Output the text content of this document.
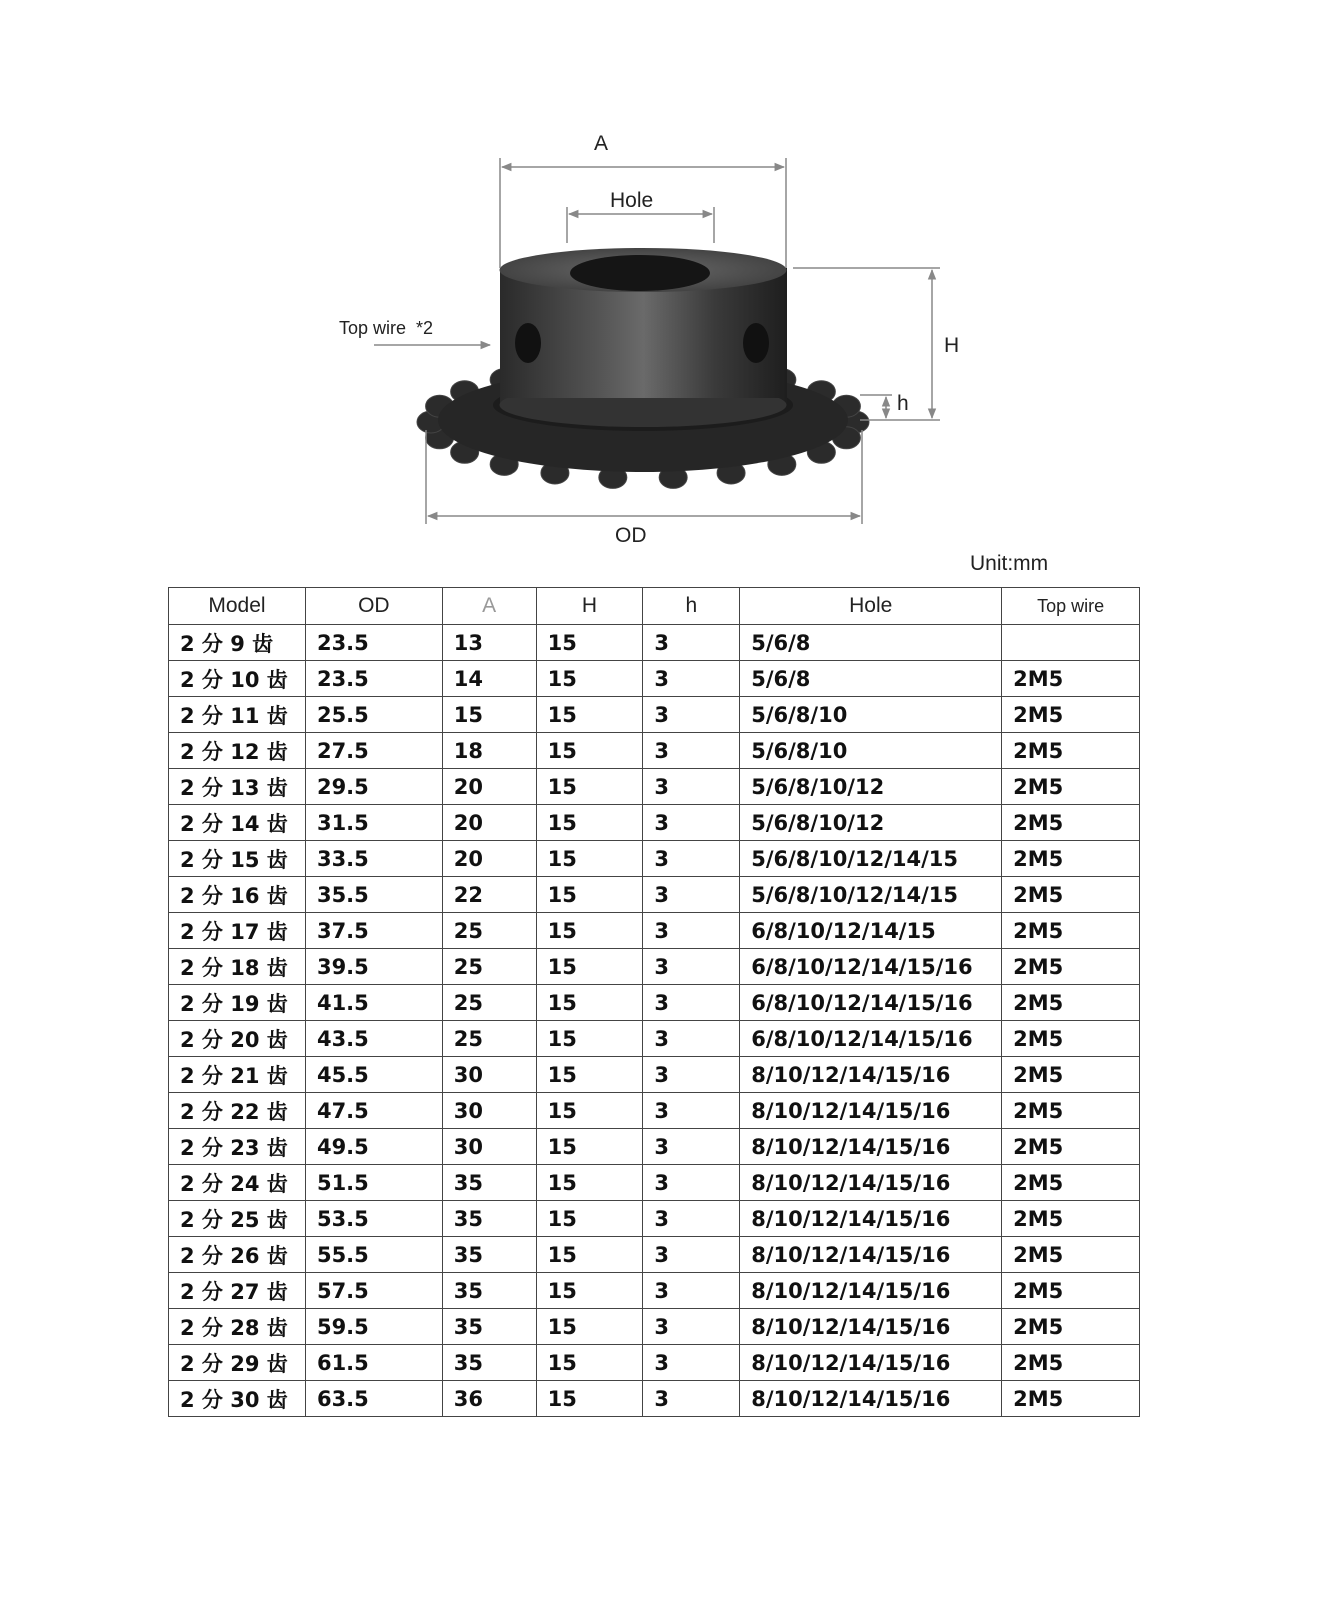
A
Hole
H
h
OD
Top wire  *2
Unit:mm
Model	OD	A	H	h	Hole	Top wire
2 分 9 齿	23.5	13	15	3	5/6/8	
2 分 10 齿	23.5	14	15	3	5/6/8	2M5
2 分 11 齿	25.5	15	15	3	5/6/8/10	2M5
2 分 12 齿	27.5	18	15	3	5/6/8/10	2M5
2 分 13 齿	29.5	20	15	3	5/6/8/10/12	2M5
2 分 14 齿	31.5	20	15	3	5/6/8/10/12	2M5
2 分 15 齿	33.5	20	15	3	5/6/8/10/12/14/15	2M5
2 分 16 齿	35.5	22	15	3	5/6/8/10/12/14/15	2M5
2 分 17 齿	37.5	25	15	3	6/8/10/12/14/15	2M5
2 分 18 齿	39.5	25	15	3	6/8/10/12/14/15/16	2M5
2 分 19 齿	41.5	25	15	3	6/8/10/12/14/15/16	2M5
2 分 20 齿	43.5	25	15	3	6/8/10/12/14/15/16	2M5
2 分 21 齿	45.5	30	15	3	8/10/12/14/15/16	2M5
2 分 22 齿	47.5	30	15	3	8/10/12/14/15/16	2M5
2 分 23 齿	49.5	30	15	3	8/10/12/14/15/16	2M5
2 分 24 齿	51.5	35	15	3	8/10/12/14/15/16	2M5
2 分 25 齿	53.5	35	15	3	8/10/12/14/15/16	2M5
2 分 26 齿	55.5	35	15	3	8/10/12/14/15/16	2M5
2 分 27 齿	57.5	35	15	3	8/10/12/14/15/16	2M5
2 分 28 齿	59.5	35	15	3	8/10/12/14/15/16	2M5
2 分 29 齿	61.5	35	15	3	8/10/12/14/15/16	2M5
2 分 30 齿	63.5	36	15	3	8/10/12/14/15/16	2M5
